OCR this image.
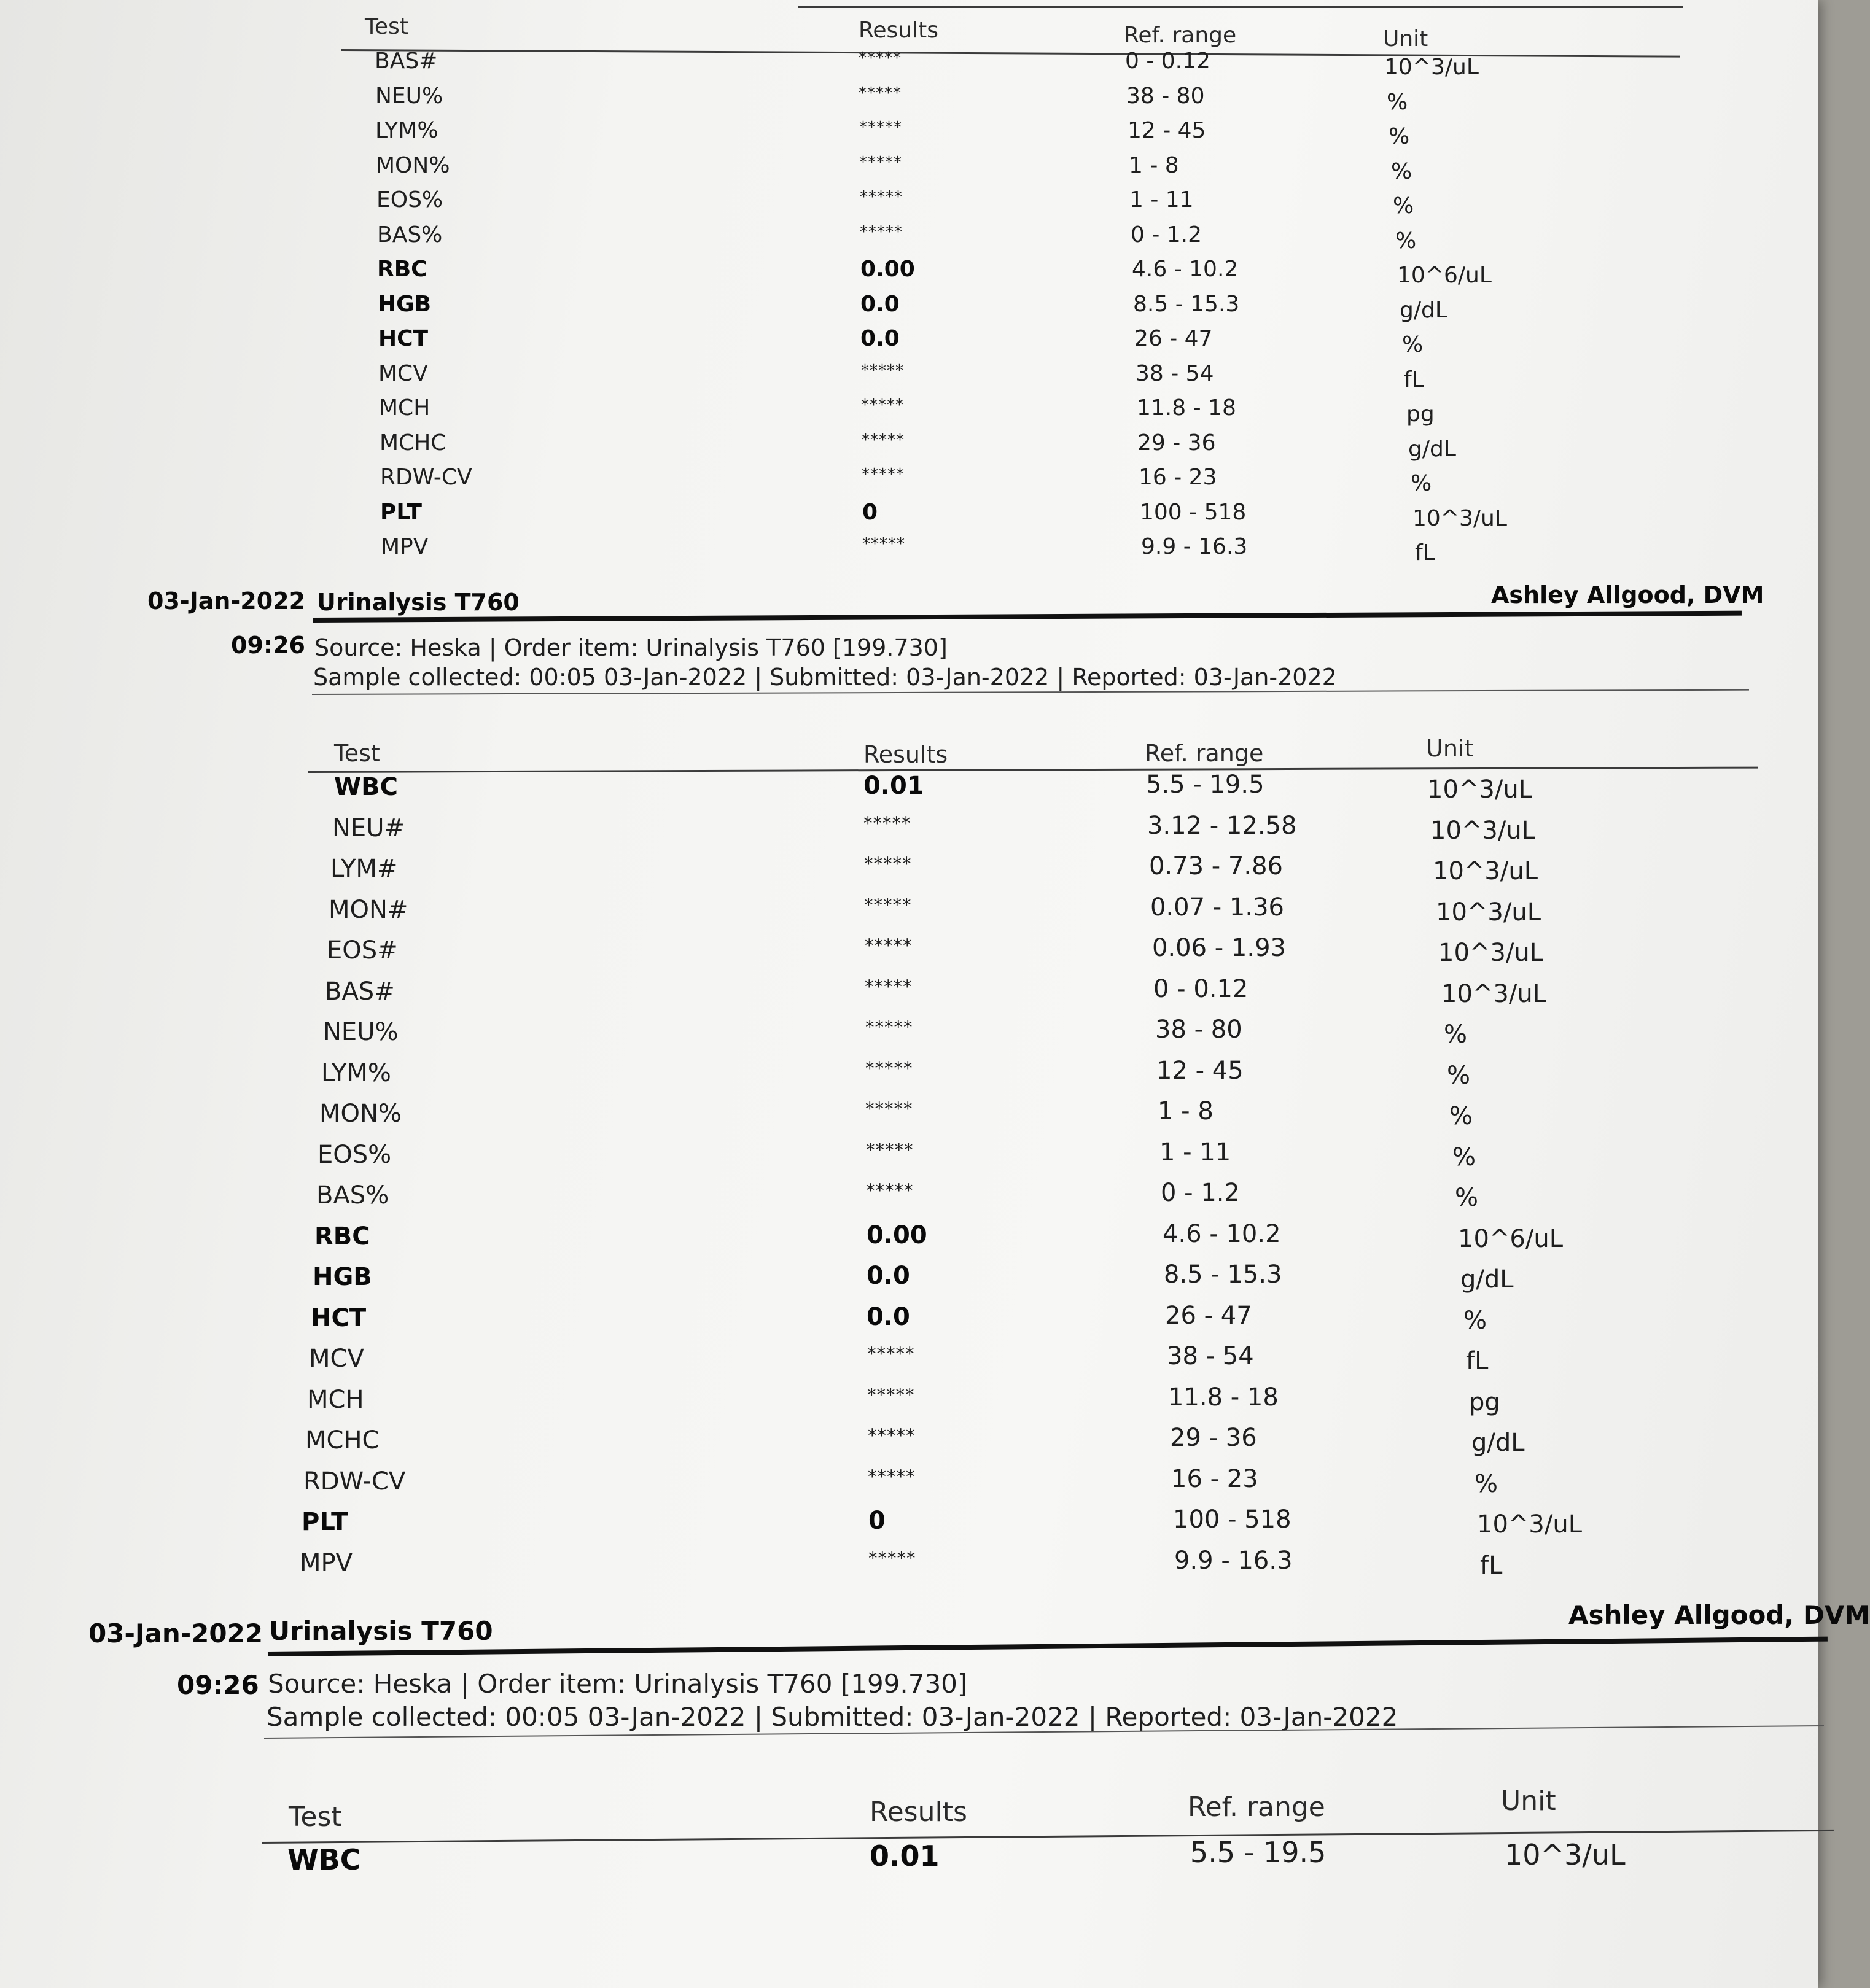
Test	Results	Ref. range	Unit
BAS#	*****	0 - 0.12	10^3/uL
NEU%	*****	38 - 80	%
LYM%	*****	12 - 45	%
MON%	*****	1 - 8	%
EOS%	*****	1 - 11	%
BAS%	*****	0 - 1.2	%
RBC	0.00	4.6 - 10.2	10^6/uL
HGB	0.0	8.5 - 15.3	g/dL
HCT	0.0	26 - 47	%
MCV	*****	38 - 54	fL
MCH	*****	11.8 - 18	pg
MCHC	*****	29 - 36	g/dL
RDW-CV	*****	16 - 23	%
PLT	0	100 - 518	10^3/uL
MPV	*****	9.9 - 16.3	fL
03-Jan-2022 Urinalysis T760	Ashley Allgood, DVM
09:26 Source: Heska | Order item: Urinalysis T760 [199.730]
Sample collected: 00:05 03-Jan-2022 | Submitted: 03-Jan-2022 | Reported: 03-Jan-2022
Test	Results	Ref. range	Unit
WBC	0.01	5.5 - 19.5	10^3/uL
NEU#	*****	3.12 - 12.58	10^3/uL
LYM#	*****	0.73 - 7.86	10^3/uL
MON#	*****	0.07 - 1.36	10^3/uL
EOS#	*****	0.06 - 1.93	10^3/uL
BAS#	*****	0 - 0.12	10^3/uL
NEU%	*****	38 - 80	%
LYM%	*****	12 - 45	%
MON%	*****	1 - 8	%
EOS%	*****	1 - 11	%
BAS%	*****	0 - 1.2	%
RBC	0.00	4.6 - 10.2	10^6/uL
HGB	0.0	8.5 - 15.3	g/dL
HCT	0.0	26 - 47	%
MCV	*****	38 - 54	fL
MCH	*****	11.8 - 18	pg
MCHC	*****	29 - 36	g/dL
RDW-CV	*****	16 - 23	%
PLT	0	100 - 518	10^3/uL
MPV	*****	9.9 - 16.3	fL
03-Jan-2022 Urinalysis T760
Ashley Allgood, DVM
09:26 Source: Heska | Order item: Urinalysis T760 [199.730]
Sample collected: 00:05 03-Jan-2022 | Submitted: 03-Jan-2022 | Reported: 03-Jan-2022
Test	Results	Ref. range	Unit
WBC	0.01	5.5 - 19.5	10^3/uL
